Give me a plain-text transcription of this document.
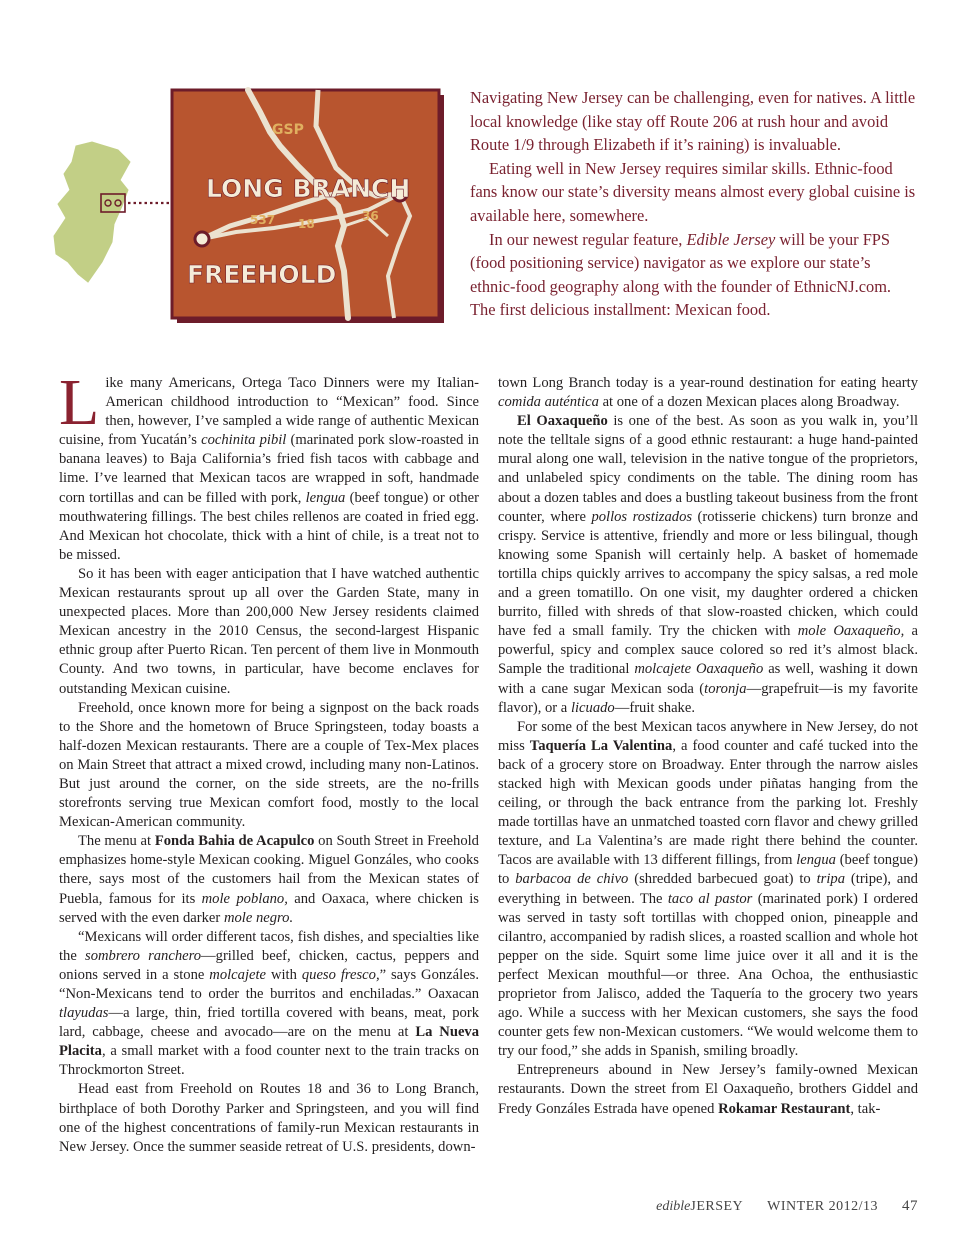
GSP
537 18
36
LONG BRANCH
FREEHOLD

Navigating New Jersey can be challenging, even for natives. A little local knowledge (like stay off Route 206 at rush hour and avoid Route 1/9 through Elizabeth if it’s raining) is invaluable.

Eating well in New Jersey requires similar skills. Ethnic-food fans know our state’s diversity means almost every global cuisine is available here, somewhere.

In our newest regular feature, Edible Jersey will be your FPS (food positioning service) navigator as we explore our state’s ethnic-food geography along with the founder of EthnicNJ.com. The first delicious installment: Mexican food.

Like many Americans, Ortega Taco Dinners were my Italian-American childhood introduction to “Mexican” food. Since then, however, I’ve sampled a wide range of authentic Mexican cuisine, from Yucatán’s cochinita pibil (marinated pork slow-roasted in banana leaves) to Baja California’s fried fish tacos with cabbage and lime. I’ve learned that Mexican tacos are wrapped in soft, handmade corn tortillas and can be filled with pork, lengua (beef tongue) or other mouthwatering fillings. The best chiles rellenos are coated in fried egg. And Mexican hot chocolate, thick with a hint of chile, is a treat not to be missed.

So it has been with eager anticipation that I have watched authentic Mexican restaurants sprout up all over the Garden State, many in unexpected places. More than 200,000 New Jersey residents claimed Mexican ancestry in the 2010 Census, the second-largest Hispanic ethnic group after Puerto Rican. Ten percent of them live in Monmouth County. And two towns, in particular, have become enclaves for outstanding Mexican cuisine.

Freehold, once known more for being a signpost on the back roads to the Shore and the hometown of Bruce Springsteen, today boasts a half-dozen Mexican restaurants. There are a couple of Tex-Mex places on Main Street that attract a mixed crowd, including many non-Latinos. But just around the corner, on the side streets, are the no-frills storefronts serving true Mexican comfort food, mostly to the local Mexican-American community.

The menu at Fonda Bahia de Acapulco on South Street in Freehold emphasizes home-style Mexican cooking. Miguel Gonzáles, who cooks there, says most of the customers hail from the Mexican states of Puebla, famous for its mole poblano, and Oaxaca, where chicken is served with the even darker mole negro.

“Mexicans will order different tacos, fish dishes, and specialties like the sombrero ranchero—grilled beef, chicken, cactus, peppers and onions served in a stone molcajete with queso fresco,” says Gonzáles. “Non-Mexicans tend to order the burritos and enchiladas.” Oaxacan tlayudas—a large, thin, fried tortilla covered with beans, meat, pork lard, cabbage, cheese and avocado—are on the menu at La Nueva Placita, a small market with a food counter next to the train tracks on Throckmorton Street.

Head east from Freehold on Routes 18 and 36 to Long Branch, birthplace of both Dorothy Parker and Springsteen, and you will find one of the highest concentrations of family-run Mexican restaurants in New Jersey. Once the summer seaside retreat of U.S. presidents, down-

town Long Branch today is a year-round destination for eating hearty comida auténtica at one of a dozen Mexican places along Broadway.

El Oaxaqueño is one of the best. As soon as you walk in, you’ll note the telltale signs of a good ethnic restaurant: a huge hand-painted mural along one wall, television in the native tongue of the proprietors, and unlabeled spicy condiments on the table. The dining room has about a dozen tables and does a bustling takeout business from the front counter, where pollos rostizados (rotisserie chickens) turn bronze and crispy. Service is attentive, friendly and more or less bilingual, though knowing some Spanish will certainly help. A basket of homemade tortilla chips quickly arrives to accompany the spicy salsas, a red mole and a green tomatillo. On one visit, my daughter ordered a chicken burrito, filled with shreds of that slow-roasted chicken, which could have fed a small family. Try the chicken with mole Oaxaqueño, a powerful, spicy and complex sauce colored so red it’s almost black. Sample the traditional molcajete Oaxaqueño as well, washing it down with a cane sugar Mexican soda (toronja—grapefruit—is my favorite flavor), or a licuado—fruit shake.

For some of the best Mexican tacos anywhere in New Jersey, do not miss Taquería La Valentina, a food counter and café tucked into the back of a grocery store on Broadway. Enter through the narrow aisles stacked high with Mexican goods under piñatas hanging from the ceiling, or through the back entrance from the parking lot. Freshly made tortillas have an unmatched toasted corn flavor and chewy grilled texture, and La Valentina’s are made right there behind the counter. Tacos are available with 13 different fillings, from lengua (beef tongue) to barbacoa de chivo (shredded barbecued goat) to tripa (tripe), and everything in between. The taco al pastor (marinated pork) I ordered was served in tasty soft tortillas with chopped onion, pineapple and cilantro, accompanied by radish slices, a roasted scallion and whole hot pepper on the side. Squirt some lime juice over it all and it is the perfect Mexican mouthful—or three. Ana Ochoa, the enthusiastic proprietor from Jalisco, added the Taquería to the grocery two years ago. While a success with her Mexican customers, she says the food counter gets few non-Mexican customers. “We would welcome them to try our food,” she adds in Spanish, smiling broadly.

Entrepreneurs abound in New Jersey’s family-owned Mexican restaurants. Down the street from El Oaxaqueño, brothers Giddel and Fredy Gonzáles Estrada have opened Rokamar Restaurant, tak-

edibleJERSEY WINTER 2012/13 47
